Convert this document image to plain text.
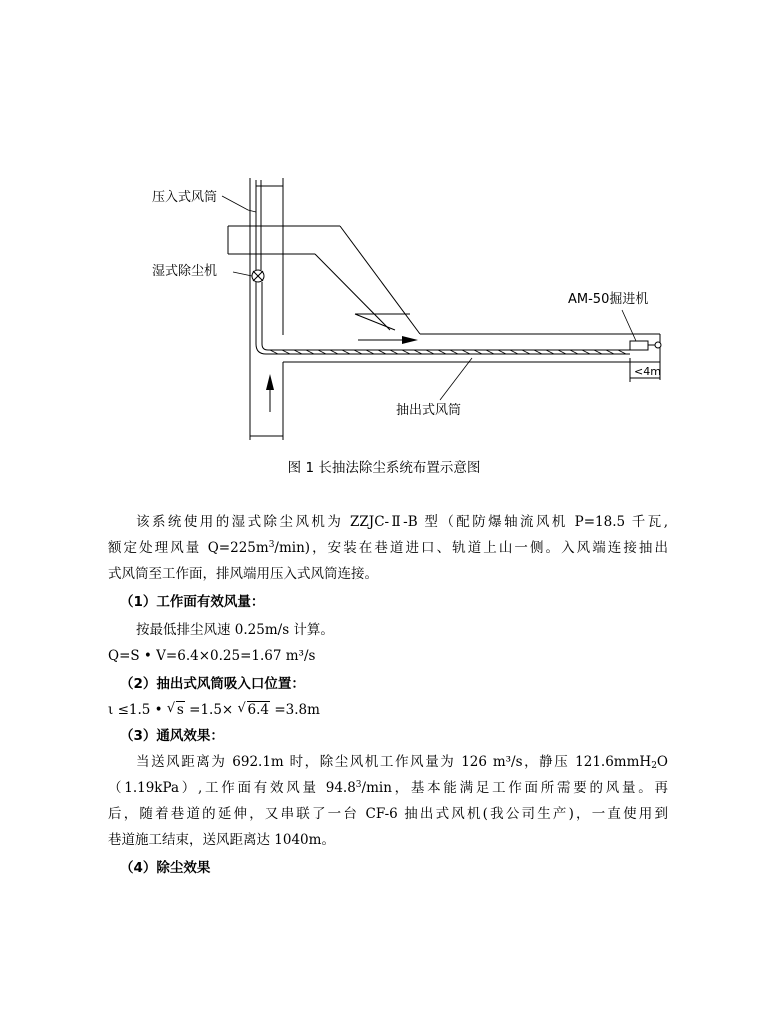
压入式风筒
湿式除尘机
AM-50掘进机
抽出式风筒
<4m
图 1 长抽法除尘系统布置示意图
该系统使用的湿式除尘风机为 ZZJC-Ⅱ-B 型（配防爆轴流风机 P=18.5 千瓦,
额定处理风量 $Q=225m^3/\min$)，安装在巷道进口、轨道上山一侧。入风端连接抽出
式风筒至工作面，排风端用压入式风筒连接。
（1）工作面有效风量：
按最低排尘风速 0.25m/s 计算。
Q=S • V=6.4×0.25=1.67 m³/s
（2）抽出式风筒吸入口位置：
ι ≤1.5 • √ s =1.5× √ 6.4 =3.8m
（3）通风效果：
当送风距离为 692.1m 时，除尘风机工作风量为 126 m³/s，静压 121.6mmH$_2$O
（1.19kPa）,工作面有效风量 94.8$^3$/min，基本能满足工作面所需要的风量。再
后，随着巷道的延伸，又串联了一台 CF-6 抽出式风机(我公司生产)，一直使用到
巷道施工结束，送风距离达 1040m。
（4）除尘效果
